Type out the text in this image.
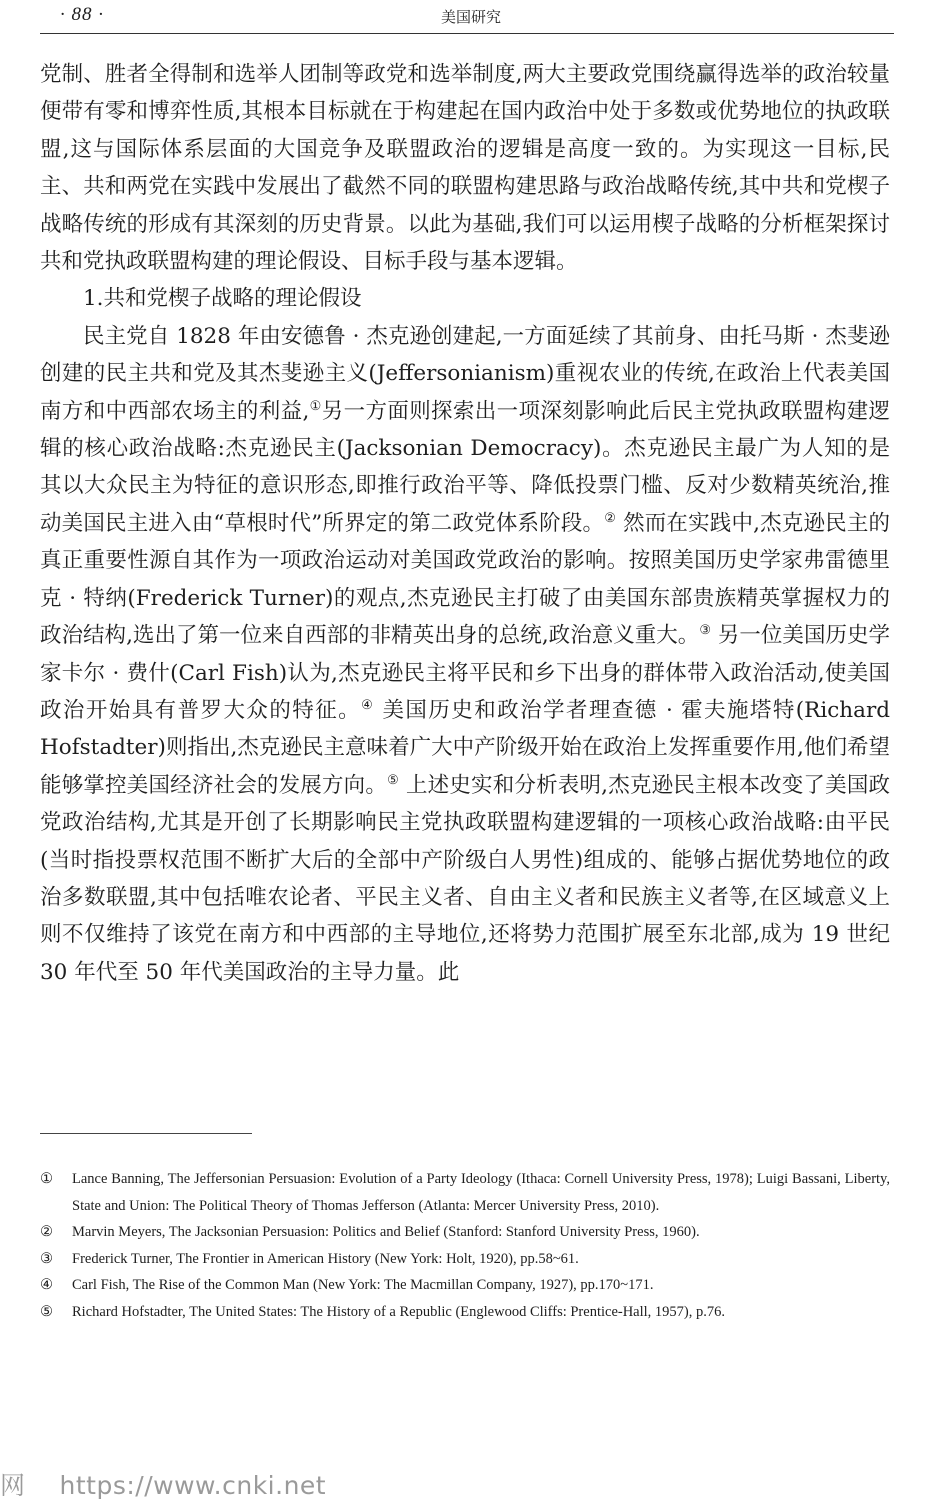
· 88 ·	美国研究

党制、胜者全得制和选举人团制等政党和选举制度,两大主要政党围绕赢得选举的政治较量便带有零和博弈性质,其根本目标就在于构建起在国内政治中处于多数或优势地位的执政联盟,这与国际体系层面的大国竞争及联盟政治的逻辑是高度一致的。为实现这一目标,民主、共和两党在实践中发展出了截然不同的联盟构建思路与政治战略传统,其中共和党楔子战略传统的形成有其深刻的历史背景。以此为基础,我们可以运用楔子战略的分析框架探讨共和党执政联盟构建的理论假设、目标手段与基本逻辑。

1.共和党楔子战略的理论假设

民主党自 1828 年由安德鲁 · 杰克逊创建起,一方面延续了其前身、由托马斯 · 杰斐逊创建的民主共和党及其杰斐逊主义(Jeffersonianism)重视农业的传统,在政治上代表美国南方和中西部农场主的利益,①另一方面则探索出一项深刻影响此后民主党执政联盟构建逻辑的核心政治战略:杰克逊民主(Jacksonian Democracy)。杰克逊民主最广为人知的是其以大众民主为特征的意识形态,即推行政治平等、降低投票门槛、反对少数精英统治,推动美国民主进入由“草根时代”所界定的第二政党体系阶段。② 然而在实践中,杰克逊民主的真正重要性源自其作为一项政治运动对美国政党政治的影响。按照美国历史学家弗雷德里克 · 特纳(Frederick Turner)的观点,杰克逊民主打破了由美国东部贵族精英掌握权力的政治结构,选出了第一位来自西部的非精英出身的总统,政治意义重大。③ 另一位美国历史学家卡尔 · 费什(Carl Fish)认为,杰克逊民主将平民和乡下出身的群体带入政治活动,使美国政治开始具有普罗大众的特征。④ 美国历史和政治学者理查德 · 霍夫施塔特(Richard Hofstadter)则指出,杰克逊民主意味着广大中产阶级开始在政治上发挥重要作用,他们希望能够掌控美国经济社会的发展方向。⑤ 上述史实和分析表明,杰克逊民主根本改变了美国政党政治结构,尤其是开创了长期影响民主党执政联盟构建逻辑的一项核心政治战略:由平民(当时指投票权范围不断扩大后的全部中产阶级白人男性)组成的、能够占据优势地位的政治多数联盟,其中包括唯农论者、平民主义者、自由主义者和民族主义者等,在区域意义上则不仅维持了该党在南方和中西部的主导地位,还将势力范围扩展至东北部,成为 19 世纪 30 年代至 50 年代美国政治的主导力量。此

①	Lance Banning, The Jeffersonian Persuasion: Evolution of a Party Ideology (Ithaca: Cornell University Press, 1978); Luigi Bassani, Liberty, State and Union: The Political Theory of Thomas Jefferson (Atlanta: Mercer University Press, 2010).
②	Marvin Meyers, The Jacksonian Persuasion: Politics and Belief (Stanford: Stanford University Press, 1960).
③	Frederick Turner, The Frontier in American History (New York: Holt, 1920), pp.58~61.
④	Carl Fish, The Rise of the Common Man (New York: The Macmillan Company, 1927), pp.170~171.
⑤	Richard Hofstadter, The United States: The History of a Republic (Englewood Cliffs: Prentice-Hall, 1957), p.76.
网 https://www.cnki.net
